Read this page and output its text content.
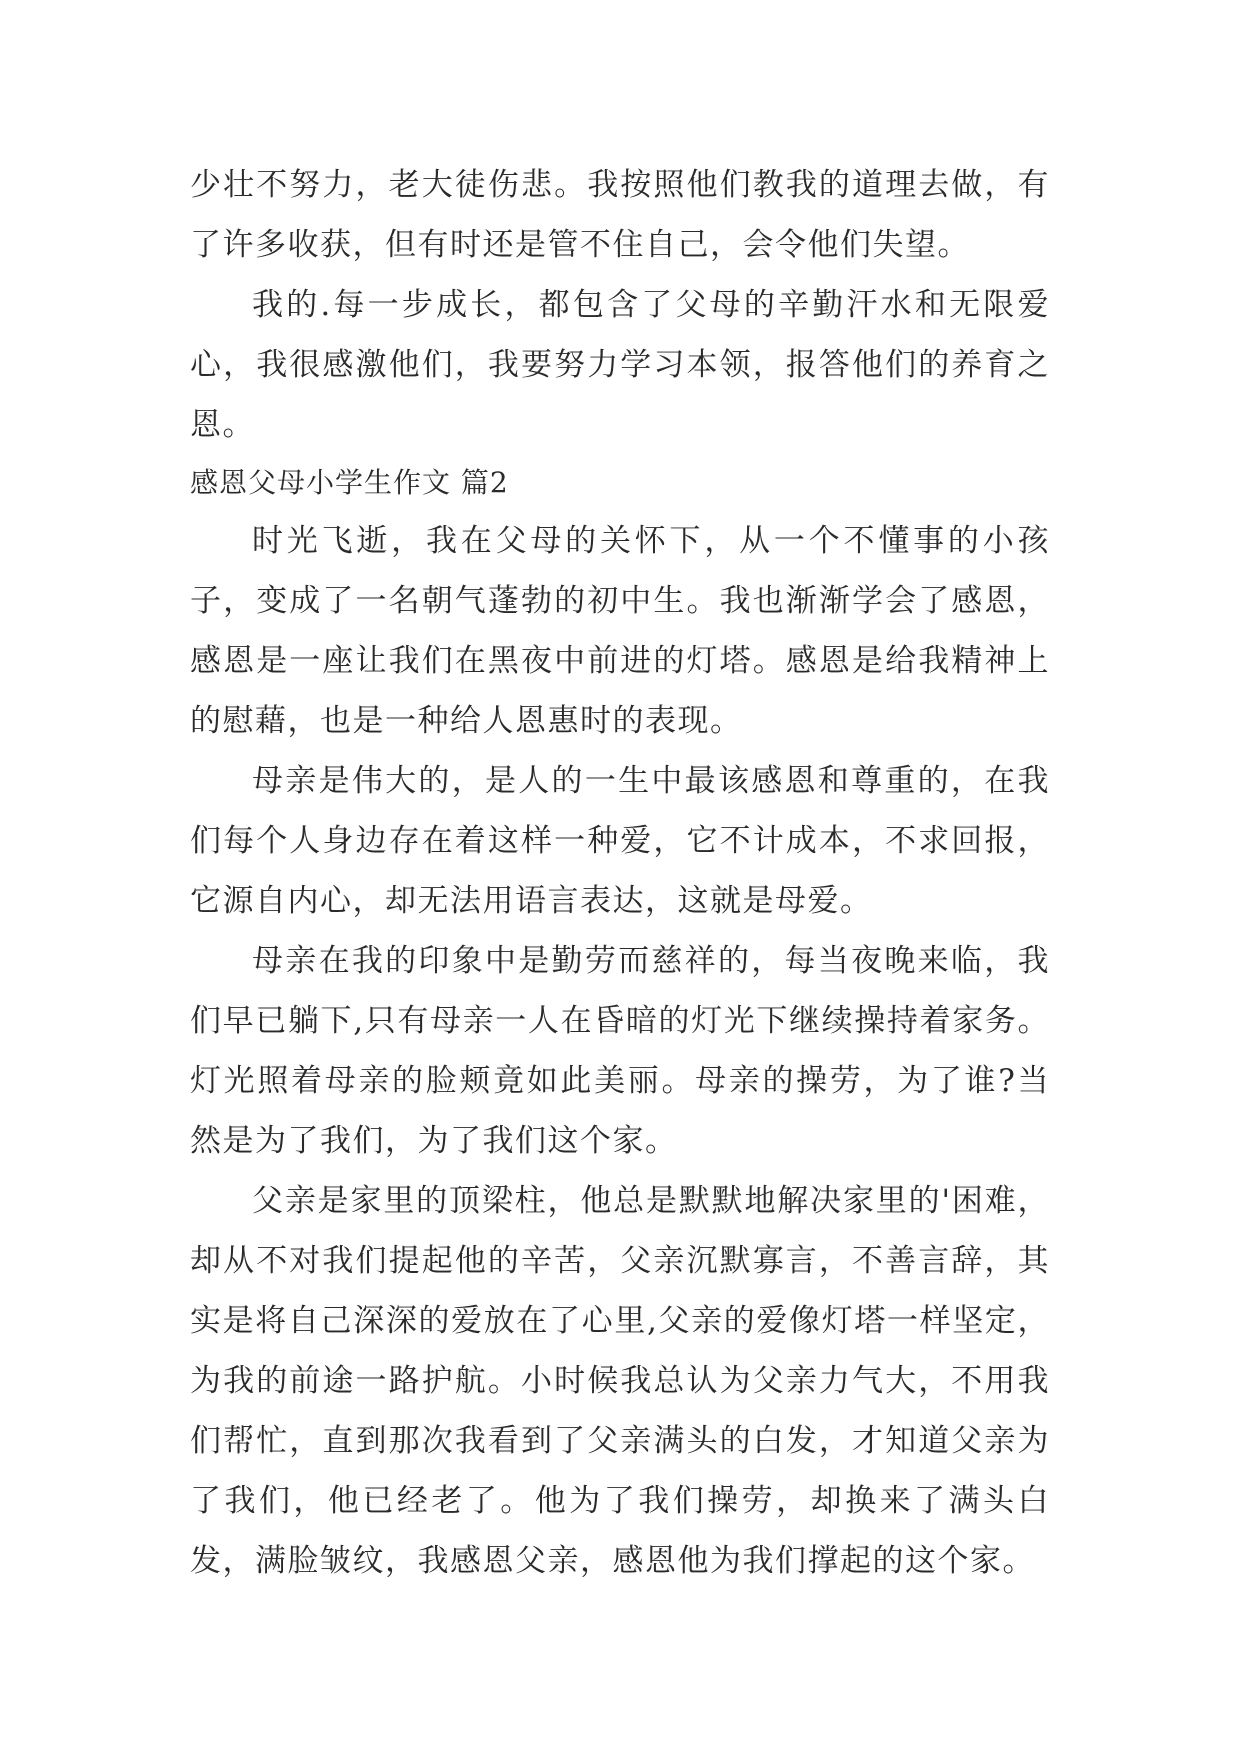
少壮不努力，老大徒伤悲。我按照他们教我的道理去做，有了许多收获，但有时还是管不住自己，会令他们失望。

我的.每一步成长，都包含了父母的辛勤汗水和无限爱心，我很感激他们，我要努力学习本领，报答他们的养育之恩。

感恩父母小学生作文 篇2

时光飞逝，我在父母的关怀下，从一个不懂事的小孩子，变成了一名朝气蓬勃的初中生。我也渐渐学会了感恩，感恩是一座让我们在黑夜中前进的灯塔。感恩是给我精神上的慰藉，也是一种给人恩惠时的表现。

母亲是伟大的，是人的一生中最该感恩和尊重的，在我们每个人身边存在着这样一种爱，它不计成本，不求回报，它源自内心，却无法用语言表达，这就是母爱。

母亲在我的印象中是勤劳而慈祥的，每当夜晚来临，我们早已躺下,只有母亲一人在昏暗的灯光下继续操持着家务。灯光照着母亲的脸颊竟如此美丽。母亲的操劳，为了谁?当然是为了我们，为了我们这个家。

父亲是家里的顶梁柱，他总是默默地解决家里的'困难，却从不对我们提起他的辛苦，父亲沉默寡言，不善言辞，其实是将自己深深的爱放在了心里,父亲的爱像灯塔一样坚定，为我的前途一路护航。小时候我总认为父亲力气大，不用我们帮忙，直到那次我看到了父亲满头的白发，才知道父亲为了我们，他已经老了。他为了我们操劳，却换来了满头白发，满脸皱纹，我感恩父亲，感恩他为我们撑起的这个家。
